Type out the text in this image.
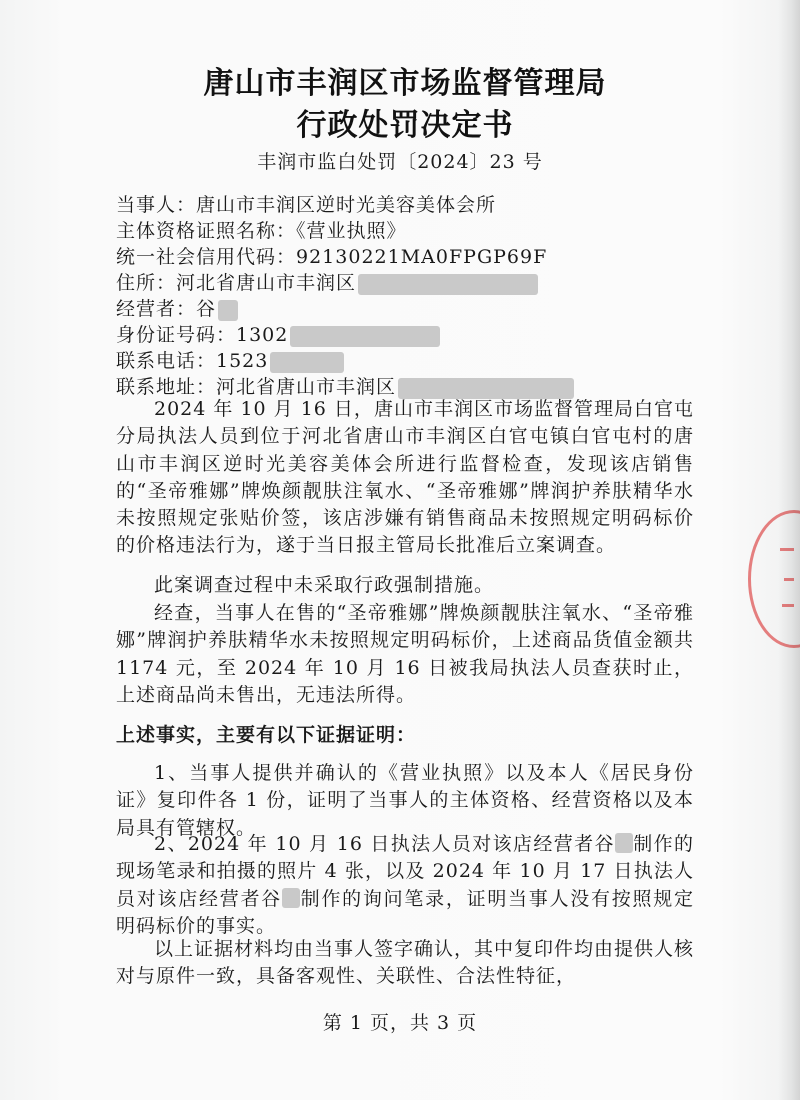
唐山市丰润区市场监督管理局
行政处罚决定书
丰润市监白处罚〔2024〕23 号
当事人：唐山市丰润区逆时光美容美体会所
主体资格证照名称：《营业执照》
统一社会信用代码：92130221MA0FPGP69F
住所：河北省唐山市丰润区
经营者：谷
身份证号码：1302
联系电话：1523
联系地址：河北省唐山市丰润区

2024 年 10 月 16 日，唐山市丰润区市场监督管理局白官屯分局执法人员到位于河北省唐山市丰润区白官屯镇白官屯村的唐山市丰润区逆时光美容美体会所进行监督检查，发现该店销售的“圣帝雅娜”牌焕颜靓肤注氧水、“圣帝雅娜”牌润护养肤精华水未按照规定张贴价签，该店涉嫌有销售商品未按照规定明码标价的价格违法行为，遂于当日报主管局长批准后立案调查。

此案调查过程中未采取行政强制措施。

经查，当事人在售的“圣帝雅娜”牌焕颜靓肤注氧水、“圣帝雅娜”牌润护养肤精华水未按照规定明码标价，上述商品货值金额共 1174 元，至 2024 年 10 月 16 日被我局执法人员查获时止，上述商品尚未售出，无违法所得。

上述事实，主要有以下证据证明：

1、当事人提供并确认的《营业执照》以及本人《居民身份证》复印件各 1 份，证明了当事人的主体资格、经营资格以及本局具有管辖权。

2、2024 年 10 月 16 日执法人员对该店经营者谷 制作的现场笔录和拍摄的照片 4 张，以及 2024 年 10 月 17 日执法人员对该店经营者谷 制作的询问笔录，证明当事人没有按照规定明码标价的事实。

以上证据材料均由当事人签字确认，其中复印件均由提供人核对与原件一致，具备客观性、关联性、合法性特征，

第 1 页，共 3 页
